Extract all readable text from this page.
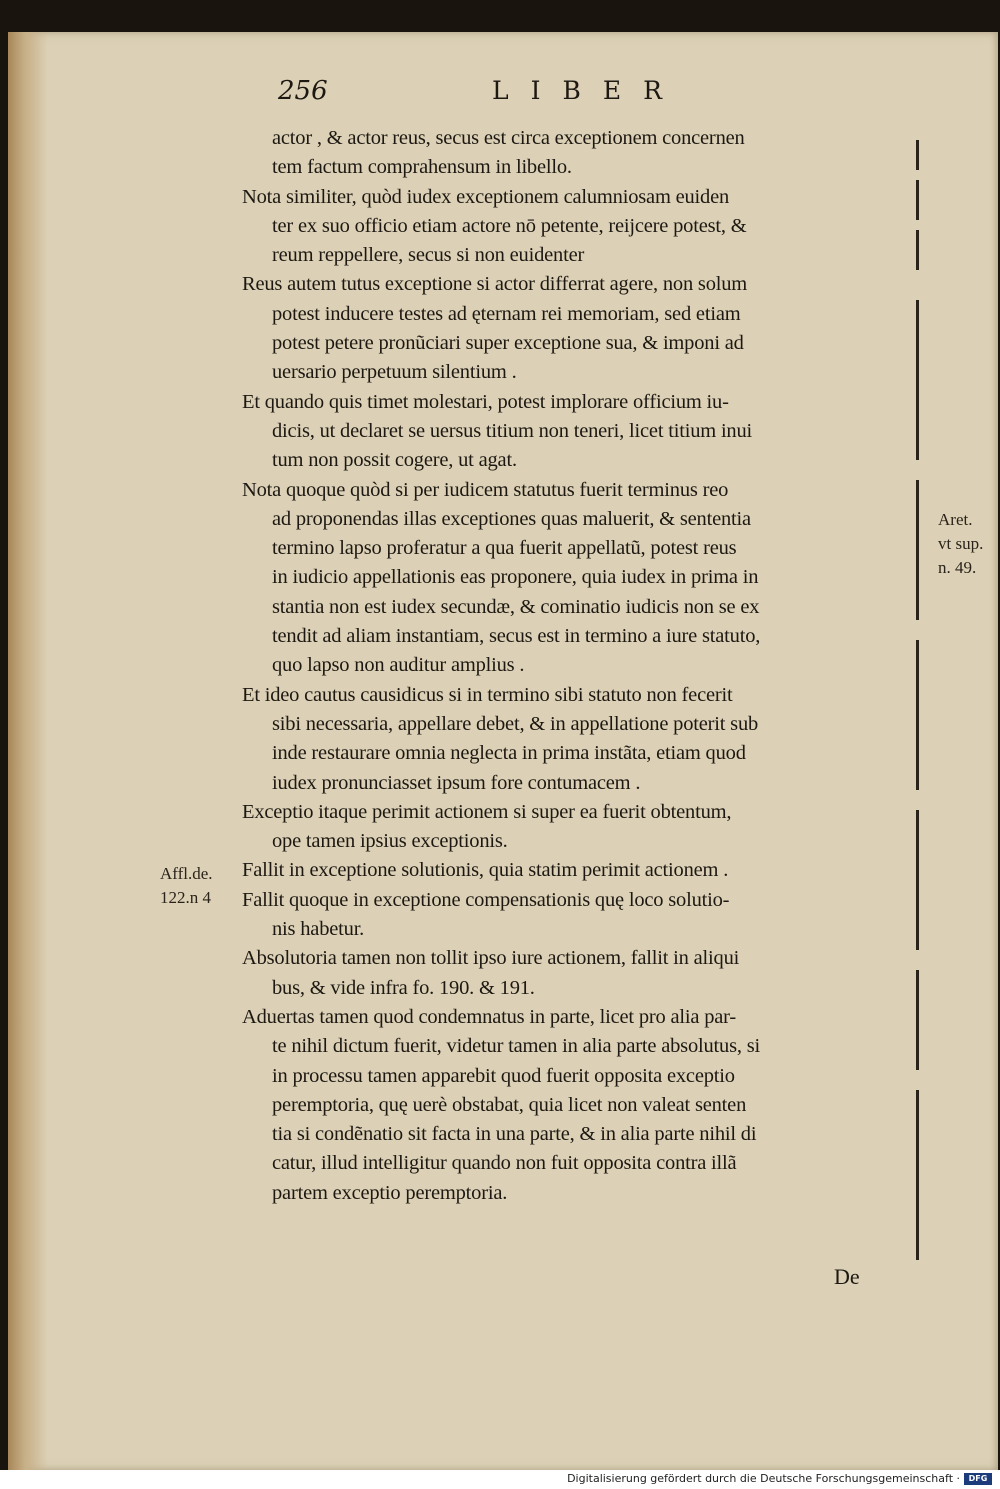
256	LIBER
actor , & actor reus, secus est circa exceptionem concernen
tem factum comprahensum in libello.
Nota similiter, quòd iudex exceptionem calumniosam euiden
ter ex suo officio etiam actore nō petente, reijcere potest, &
reum reppellere, secus si non euidenter
Reus autem tutus exceptione si actor differrat agere, non solum
potest inducere testes ad ęternam rei memoriam, sed etiam
potest petere pronũciari super exceptione sua, & imponi ad
uersario perpetuum silentium .
Et quando quis timet molestari, potest implorare officium iu-
dicis, ut declaret se uersus titium non teneri, licet titium inui
tum non possit cogere, ut agat.
Nota quoque quòd si per iudicem statutus fuerit terminus reo
ad proponendas illas exceptiones quas maluerit, & sententia
termino lapso proferatur a qua fuerit appellatũ, potest reus
in iudicio appellationis eas proponere, quia iudex in prima in
stantia non est iudex secundæ, & cominatio iudicis non se ex
tendit ad aliam instantiam, secus est in termino a iure statuto,
quo lapso non auditur amplius .
Et ideo cautus causidicus si in termino sibi statuto non fecerit
sibi necessaria, appellare debet, & in appellatione poterit sub
inde restaurare omnia neglecta in prima instãta, etiam quod
iudex pronunciasset ipsum fore contumacem .
Exceptio itaque perimit actionem si super ea fuerit obtentum,
ope tamen ipsius exceptionis.
Fallit in exceptione solutionis, quia statim perimit actionem .
Fallit quoque in exceptione compensationis quę loco solutio-
nis habetur.
Absolutoria tamen non tollit ipso iure actionem, fallit in aliqui
bus, & vide infra fo. 190. & 191.
Aduertas tamen quod condemnatus in parte, licet pro alia par-
te nihil dictum fuerit, videtur tamen in alia parte absolutus, si
in processu tamen apparebit quod fuerit opposita exceptio
peremptoria, quę uerè obstabat, quia licet non valeat senten
tia si condẽnatio sit facta in una parte, & in alia parte nihil di
catur, illud intelligitur quando non fuit opposita contra illã
partem exceptio peremptoria.
Aret.
vt sup.
n. 49.
Affl.de.
122.n 4
De
Digitalisierung gefördert durch die Deutsche Forschungsgemeinschaft ·	DFG
